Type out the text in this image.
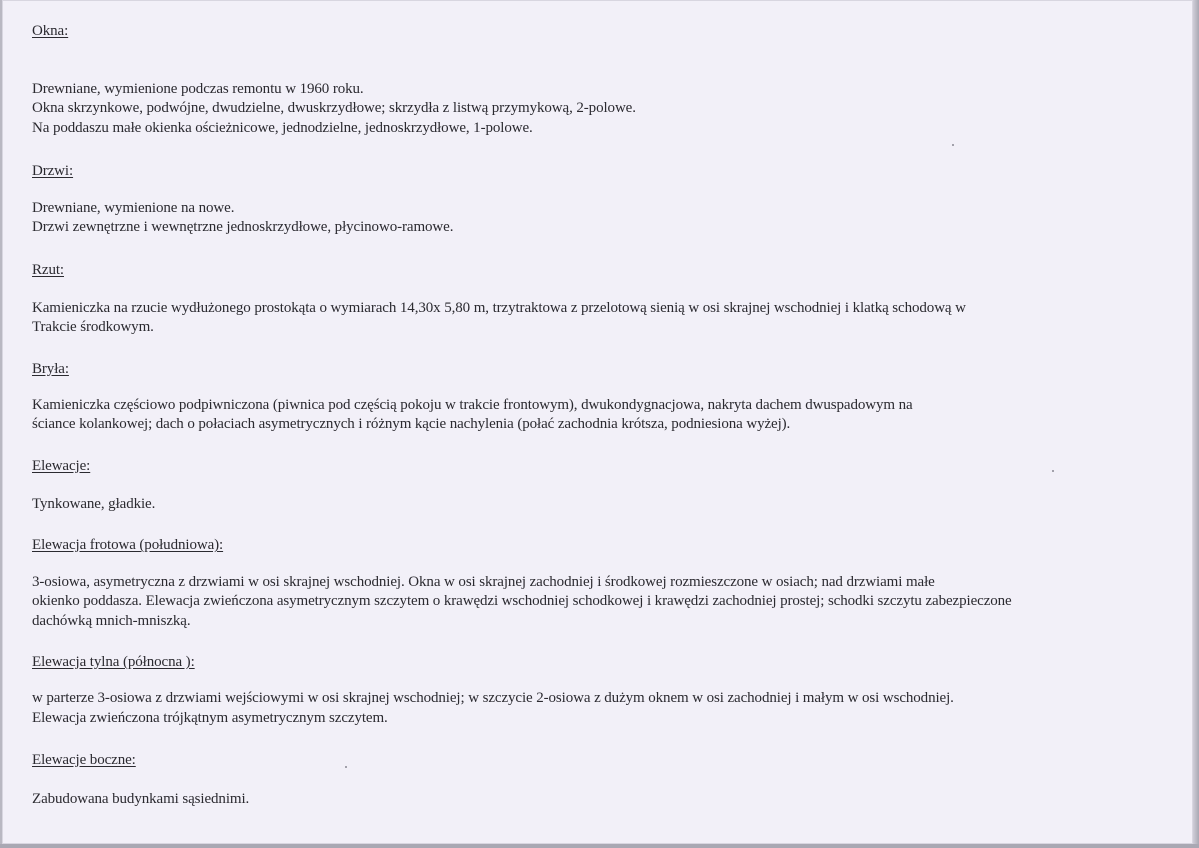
Okna:
Drewniane, wymienione podczas remontu w 1960 roku.
Okna skrzynkowe, podwójne, dwudzielne, dwuskrzydłowe; skrzydła z listwą przymykową, 2-polowe.
Na poddaszu małe okienka ościeżnicowe, jednodzielne, jednoskrzydłowe, 1-polowe.
Drzwi:
Drewniane, wymienione na nowe.
Drzwi zewnętrzne i wewnętrzne jednoskrzydłowe, płycinowo-ramowe.
Rzut:
Kamieniczka na rzucie wydłużonego prostokąta o wymiarach 14,30x 5,80 m, trzytraktowa z przelotową sienią w osi skrajnej wschodniej i klatką schodową w
Trakcie środkowym.
Bryła:
Kamieniczka częściowo podpiwniczona (piwnica pod częścią pokoju w trakcie frontowym), dwukondygnacjowa, nakryta dachem dwuspadowym na
ściance kolankowej; dach o połaciach asymetrycznych i różnym kącie nachylenia (połać zachodnia krótsza, podniesiona wyżej).
Elewacje:
Tynkowane, gładkie.
Elewacja frotowa (południowa):
3-osiowa, asymetryczna z drzwiami w osi skrajnej wschodniej. Okna w osi skrajnej zachodniej i środkowej rozmieszczone w osiach; nad drzwiami małe
okienko poddasza. Elewacja zwieńczona asymetrycznym szczytem o krawędzi wschodniej schodkowej i krawędzi zachodniej prostej; schodki szczytu zabezpieczone
dachówką mnich-mniszką.
Elewacja tylna (północna ):
w parterze 3-osiowa z drzwiami wejściowymi w osi skrajnej wschodniej; w szczycie 2-osiowa z dużym oknem w osi zachodniej i małym w osi wschodniej.
Elewacja zwieńczona trójkątnym asymetrycznym szczytem.
Elewacje boczne:
Zabudowana budynkami sąsiednimi.
